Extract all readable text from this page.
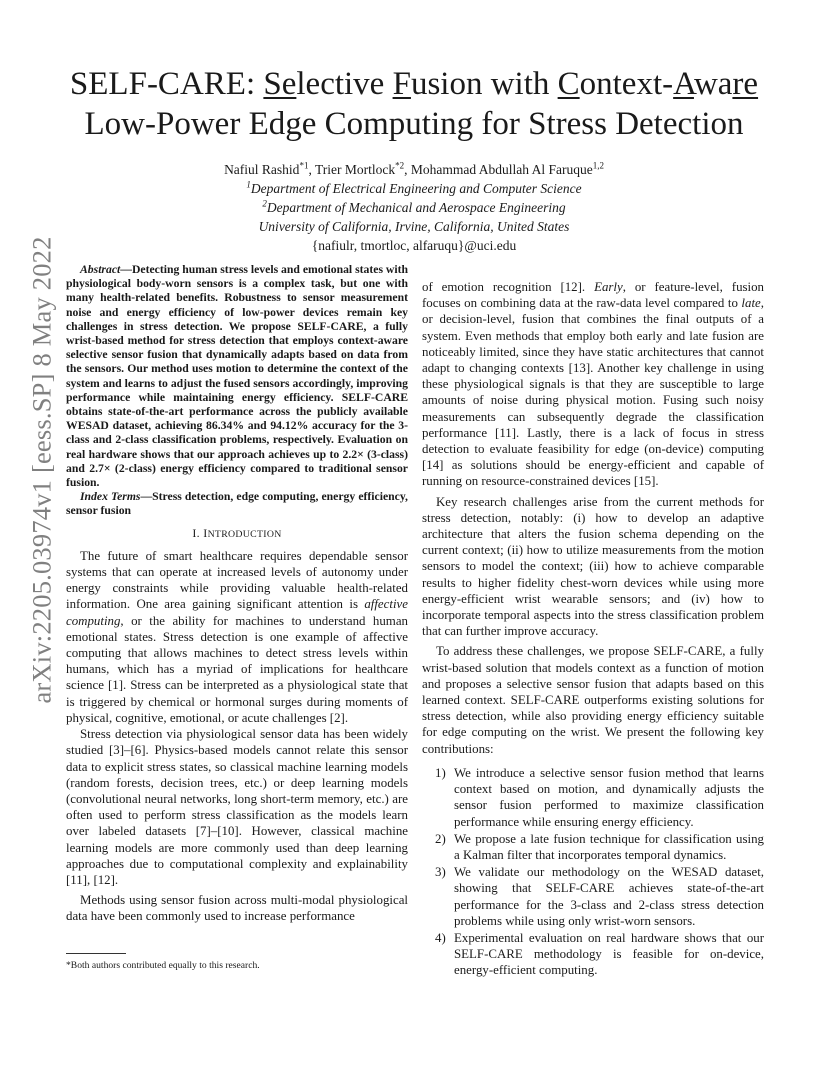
arXiv:2205.03974v1 [eess.SP] 8 May 2022
SELF-CARE: Selective Fusion with Context-Aware
Low-Power Edge Computing for Stress Detection
Nafiul Rashid$^{*1}$, Trier Mortlock$^{*2}$, Mohammad Abdullah Al Faruque$^{1,2}$
$^1$Department of Electrical Engineering and Computer Science
$^2$Department of Mechanical and Aerospace Engineering
University of California, Irvine, California, United States
{nafiulr, tmortloc, alfaruqu}@uci.edu

Abstract—Detecting human stress levels and emotional states with physiological body-worn sensors is a complex task, but one with many health-related benefits. Robustness to sensor measurement noise and energy efficiency of low-power devices remain key challenges in stress detection. We propose SELF-CARE, a fully wrist-based method for stress detection that employs context-aware selective sensor fusion that dynamically adapts based on data from the sensors. Our method uses motion to determine the context of the system and learns to adjust the fused sensors accordingly, improving performance while maintaining energy efficiency. SELF-CARE obtains state-of-the-art performance across the publicly available WESAD dataset, achieving 86.34% and 94.12% accuracy for the 3-class and 2-class classification problems, respectively. Evaluation on real hardware shows that our approach achieves up to 2.2× (3-class) and 2.7× (2-class) energy efficiency compared to traditional sensor fusion.

Index Terms—Stress detection, edge computing, energy efficiency, sensor fusion

I. INTRODUCTION

The future of smart healthcare requires dependable sensor systems that can operate at increased levels of autonomy under energy constraints while providing valuable health-related information. One area gaining significant attention is affective computing, or the ability for machines to understand human emotional states. Stress detection is one example of affective computing that allows machines to detect stress levels within humans, which has a myriad of implications for healthcare science [1]. Stress can be interpreted as a physiological state that is triggered by chemical or hormonal surges during moments of physical, cognitive, emotional, or acute challenges [2].

Stress detection via physiological sensor data has been widely studied [3]–[6]. Physics-based models cannot relate this sensor data to explicit stress states, so classical machine learning models (random forests, decision trees, etc.) or deep learning models (convolutional neural networks, long short-term memory, etc.) are often used to perform stress classification as the models learn over labeled datasets [7]–[10]. However, classical machine learning models are more commonly used than deep learning approaches due to computational complexity and explainability [11], [12].

Methods using sensor fusion across multi-modal physiological data have been commonly used to increase performance

*Both authors contributed equally to this research.

of emotion recognition [12]. Early, or feature-level, fusion focuses on combining data at the raw-data level compared to late, or decision-level, fusion that combines the final outputs of a system. Even methods that employ both early and late fusion are noticeably limited, since they have static architectures that cannot adapt to changing contexts [13]. Another key challenge in using these physiological signals is that they are susceptible to large amounts of noise during physical motion. Fusing such noisy measurements can subsequently degrade the classification performance [11]. Lastly, there is a lack of focus in stress detection to evaluate feasibility for edge (on-device) computing [14] as solutions should be energy-efficient and capable of running on resource-constrained devices [15].

Key research challenges arise from the current methods for stress detection, notably: (i) how to develop an adaptive architecture that alters the fusion schema depending on the current context; (ii) how to utilize measurements from the motion sensors to model the context; (iii) how to achieve comparable results to higher fidelity chest-worn devices while using more energy-efficient wrist wearable sensors; and (iv) how to incorporate temporal aspects into the stress classification problem that can further improve accuracy.

To address these challenges, we propose SELF-CARE, a fully wrist-based solution that models context as a function of motion and proposes a selective sensor fusion that adapts based on this learned context. SELF-CARE outperforms existing solutions for stress detection, while also providing energy efficiency suitable for edge computing on the wrist. We present the following key contributions:

1) We introduce a selective sensor fusion method that learns context based on motion, and dynamically adjusts the sensor fusion performed to maximize classification performance while ensuring energy efficiency.
2) We propose a late fusion technique for classification using a Kalman filter that incorporates temporal dynamics.
3) We validate our methodology on the WESAD dataset, showing that SELF-CARE achieves state-of-the-art performance for the 3-class and 2-class stress detection problems while using only wrist-worn sensors.
4) Experimental evaluation on real hardware shows that our SELF-CARE methodology is feasible for on-device, energy-efficient computing.
